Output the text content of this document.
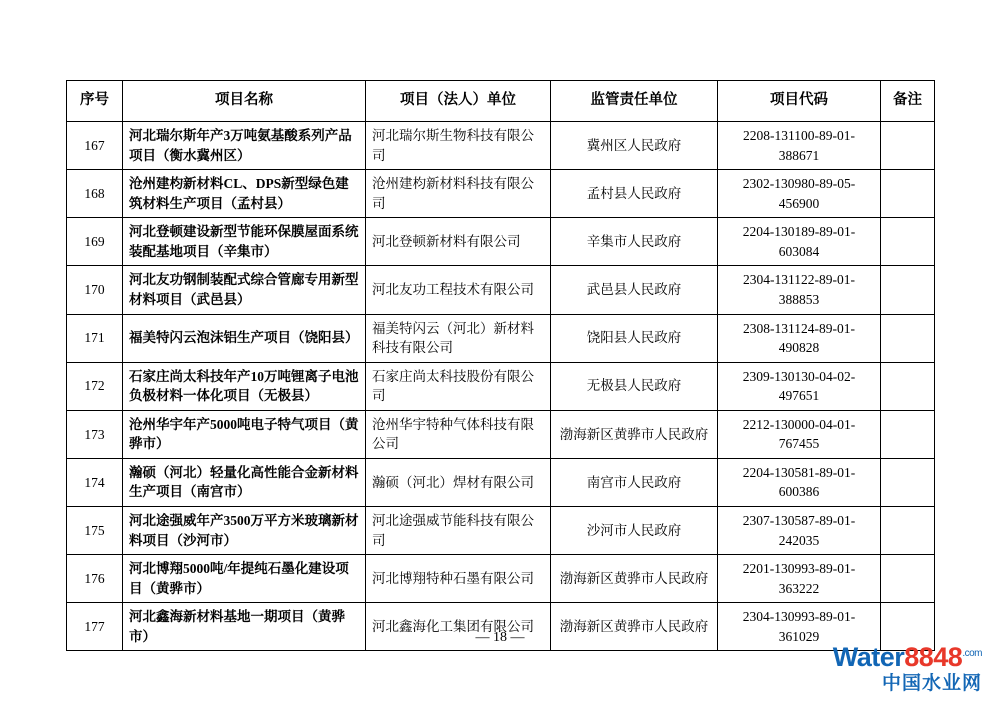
序号	项目名称	项目（法人）单位	监管责任单位	项目代码	备注
167	河北瑞尔斯年产3万吨氨基酸系列产品项目（衡水冀州区）	河北瑞尔斯生物科技有限公司	冀州区人民政府	2208-131100-89-01-388671	
168	沧州建枃新材料CL、DPS新型绿色建筑材料生产项目（孟村县）	沧州建枃新材料科技有限公司	孟村县人民政府	2302-130980-89-05-456900	
169	河北登顿建设新型节能环保膜屋面系统装配基地项目（辛集市）	河北登顿新材料有限公司	辛集市人民政府	2204-130189-89-01-603084	
170	河北友功钢制装配式综合管廊专用新型材料项目（武邑县）	河北友功工程技术有限公司	武邑县人民政府	2304-131122-89-01-388853	
171	福美特闪云泡沫铝生产项目（饶阳县）	福美特闪云（河北）新材料科技有限公司	饶阳县人民政府	2308-131124-89-01-490828	
172	石家庄尚太科技年产10万吨锂离子电池负极材料一体化项目（无极县）	石家庄尚太科技股份有限公司	无极县人民政府	2309-130130-04-02-497651	
173	沧州华宇年产5000吨电子特气项目（黄骅市）	沧州华宇特种气体科技有限公司	渤海新区黄骅市人民政府	2212-130000-04-01-767455	
174	瀚硕（河北）轻量化高性能合金新材料生产项目（南宫市）	瀚硕（河北）焊材有限公司	南宫市人民政府	2204-130581-89-01-600386	
175	河北途强威年产3500万平方米玻璃新材料项目（沙河市）	河北途强威节能科技有限公司	沙河市人民政府	2307-130587-89-01-242035	
176	河北博翔5000吨/年提纯石墨化建设项目（黄骅市）	河北博翔特种石墨有限公司	渤海新区黄骅市人民政府	2201-130993-89-01-363222	
177	河北鑫海新材料基地一期项目（黄骅市）	河北鑫海化工集团有限公司	渤海新区黄骅市人民政府	2304-130993-89-01-361029	
— 18 —
$Water8848^{.com}$
中国水业网
